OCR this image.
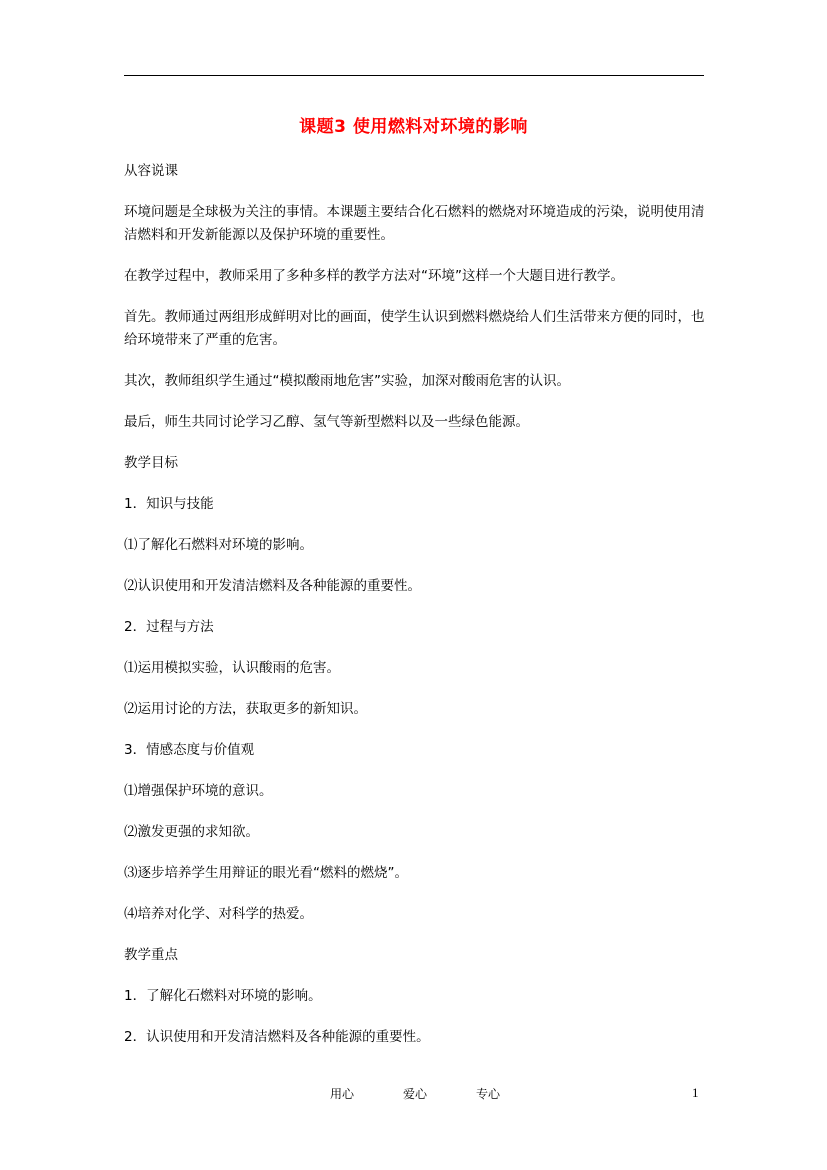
课题3 使用燃料对环境的影响

从容说课

环境问题是全球极为关注的事情。本课题主要结合化石燃料的燃烧对环境造成的污染，说明使用清洁燃料和开发新能源以及保护环境的重要性。

在教学过程中，教师采用了多种多样的教学方法对“环境”这样一个大题目进行教学。

首先。教师通过两组形成鲜明对比的画面，使学生认识到燃料燃烧给人们生活带来方便的同时，也给环境带来了严重的危害。

其次，教师组织学生通过“模拟酸雨地危害”实验，加深对酸雨危害的认识。

最后，师生共同讨论学习乙醇、氢气等新型燃料以及一些绿色能源。

教学目标

1．知识与技能

⑴了解化石燃料对环境的影响。

⑵认识使用和开发清洁燃料及各种能源的重要性。

2．过程与方法

⑴运用模拟实验，认识酸雨的危害。

⑵运用讨论的方法，获取更多的新知识。

3．情感态度与价值观

⑴增强保护环境的意识。

⑵激发更强的求知欲。

⑶逐步培养学生用辩证的眼光看“燃料的燃烧”。

⑷培养对化学、对科学的热爱。

教学重点

1．了解化石燃料对环境的影响。

2．认识使用和开发清洁燃料及各种能源的重要性。

用心	爱心	专心	1
